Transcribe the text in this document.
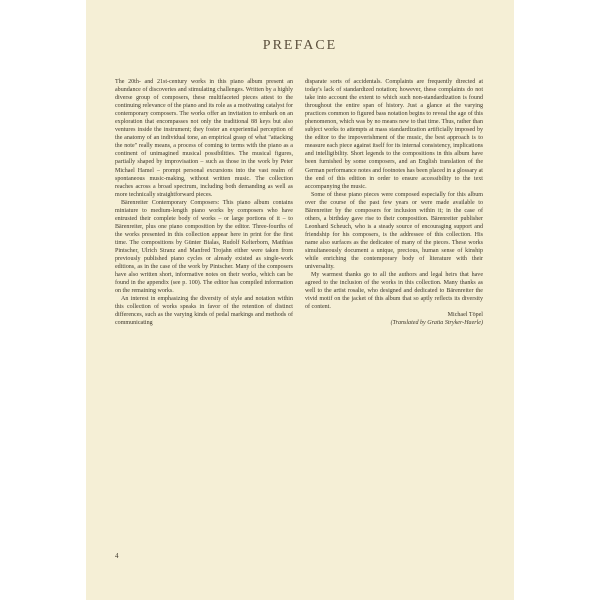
PREFACE

The 20th- and 21st-century works in this piano album present an abundance of discoveries and stimulating challenges. Written by a highly diverse group of composers, these multifaceted pieces attest to the continuing relevance of the piano and its role as a motivating catalyst for contemporary composers. The works offer an invitation to embark on an exploration that encompasses not only the traditional 88 keys but also ventures inside the instrument; they foster an experiential perception of the anatomy of an individual tone, an empirical grasp of what "attacking the note" really means, a process of coming to terms with the piano as a continent of unimagined musical possibilities. The musical figures, partially shaped by improvisation – such as those in the work by Peter Michael Hamel – prompt personal excursions into the vast realm of spontaneous music-making, without written music. The collection reaches across a broad spectrum, including both demanding as well as more technically straightforward pieces.

Bärenreiter Contemporary Composers: This piano album contains miniature to medium-length piano works by composers who have entrusted their complete body of works – or large portions of it – to Bärenreiter, plus one piano composition by the editor. Three-fourths of the works presented in this collection appear here in print for the first time. The compositions by Günter Bialas, Rudolf Kelterborn, Matthias Pintscher, Ulrich Stranz and Manfred Trojahn either were taken from previously published piano cycles or already existed as single-work editions, as in the case of the work by Pintscher. Many of the composers have also written short, informative notes on their works, which can be found in the appendix (see p. 100). The editor has compiled information on the remaining works.

An interest in emphasizing the diversity of style and notation within this collection of works speaks in favor of the retention of distinct differences, such as the varying kinds of pedal markings and methods of communicating

disparate sorts of accidentals. Complaints are frequently directed at today's lack of standardized notation; however, these complaints do not take into account the extent to which such non-standardization is found throughout the entire span of history. Just a glance at the varying practices common to figured bass notation begins to reveal the age of this phenomenon, which was by no means new to that time. Thus, rather than subject works to attempts at mass standardization artificially imposed by the editor to the impoverishment of the music, the best approach is to measure each piece against itself for its internal consistency, implications and intelligibility. Short legends to the compositions in this album have been furnished by some composers, and an English translation of the German performance notes and footnotes has been placed in a glossary at the end of this edition in order to ensure accessibility to the text accompanying the music.

Some of these piano pieces were composed especially for this album over the course of the past few years or were made available to Bärenreiter by the composers for inclusion within it; in the case of others, a birthday gave rise to their composition. Bärenreiter publisher Leonhard Scheuch, who is a steady source of encouraging support and friendship for his composers, is the addressee of this collection. His name also surfaces as the dedicatee of many of the pieces. These works simultaneously document a unique, precious, human sense of kinship while enriching the contemporary body of literature with their universality.

My warmest thanks go to all the authors and legal heirs that have agreed to the inclusion of the works in this collection. Many thanks as well to the artist rosalie, who designed and dedicated to Bärenreiter the vivid motif on the jacket of this album that so aptly reflects its diversity of content.

Michael Töpel
(Translated by Gratia Stryker-Haerle)
4
